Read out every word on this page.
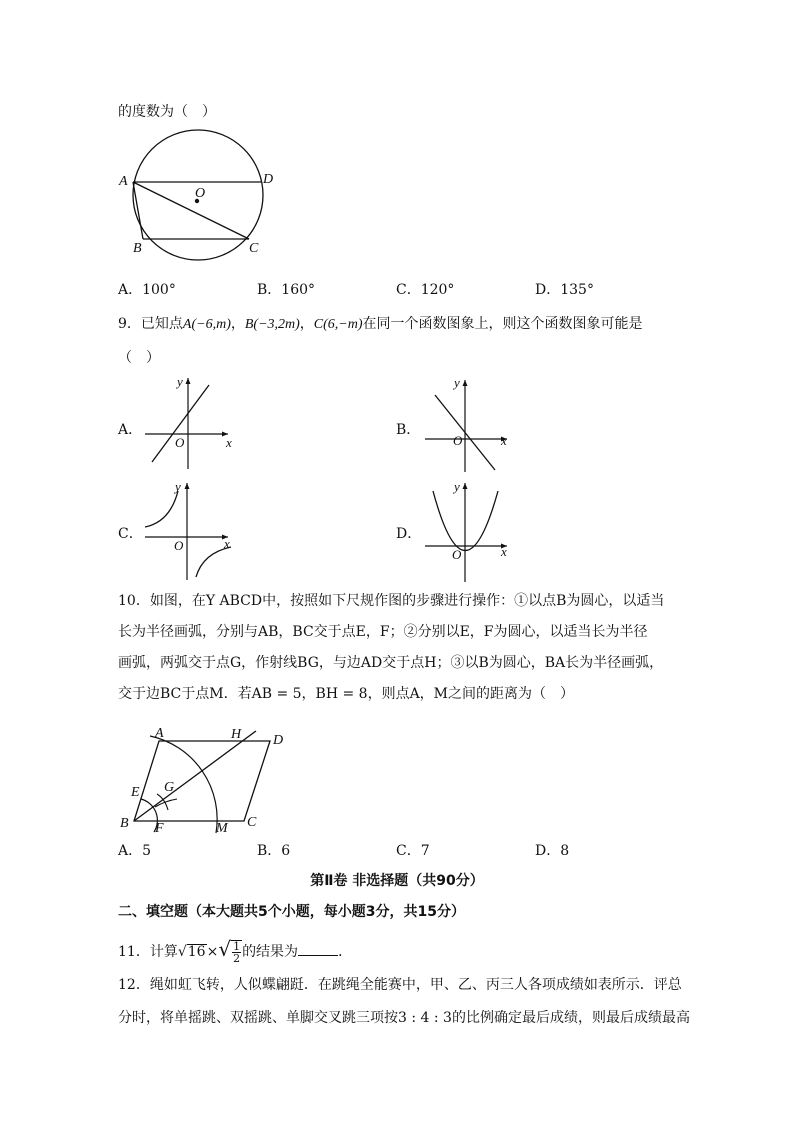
的度数为（　）
A
B	C
D
O
A．100°	B．160°	C．120°	D．135°
9．已知点A(−6,m)，B(−3,2m)，C(6,−m)在同一个函数图象上，则这个函数图象可能是
（　）
A．
y
x
O
B．
y
x
O
C．
y
x
O
D．
y
x
O
10．如图，在Y ABCD中，按照如下尺规作图的步骤进行操作：①以点B为圆心，以适当
长为半径画弧，分别与AB，BC交于点E，F；②分别以E，F为圆心，以适当长为半径
画弧，两弧交于点G，作射线BG，与边AD交于点H；③以B为圆心，BA长为半径画弧，
交于边BC于点M．若AB = 5，BH = 8，则点A，M之间的距离为（　）
A	H D
E G
B F	M C
A．5	B．6	C．7	D．8
第Ⅱ卷 非选择题（共90分）
二、填空题（本大题共5个小题，每小题3分，共15分）
11．计算$√16\times√ \frac{1}{2}$ 的结果为	．
12．绳如虹飞转，人似蝶翩跹．在跳绳全能赛中，甲、乙、丙三人各项成绩如表所示．评总
分时，将单摇跳、双摇跳、单脚交叉跳三项按3 : 4 : 3的比例确定最后成绩，则最后成绩最高
